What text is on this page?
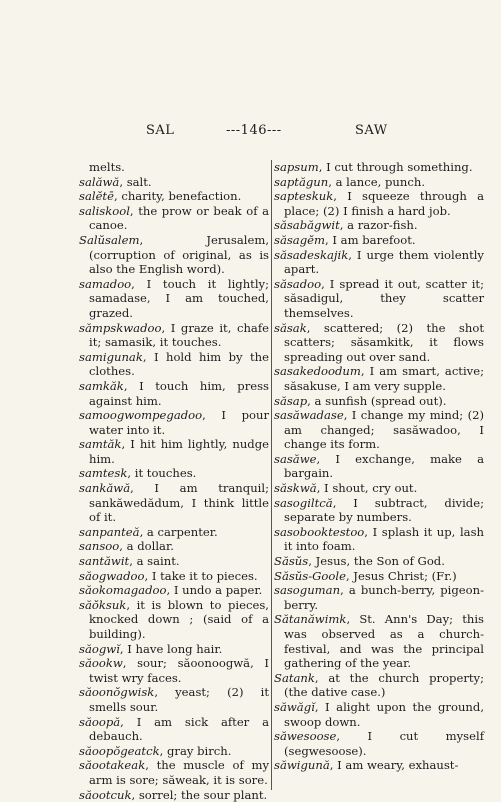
SAL	---146---	SAW

melts.

salăwă, salt.

salĕtē, charity, benefaction.

saliskool, the prow or beak of a canoe.

Salŭsalem, Jerusalem, (corruption of original, as is also the English word).

samadoo, I touch it lightly; samadase, I am touched, grazed.

sămpskwadoo, I graze it, chafe it; samasik, it touches.

samigunak, I hold him by the clothes.

samkăk, I touch him, press against him.

samoogwompegadoo, I pour water into it.

samtăk, I hit him lightly, nudge him.

samtesk, it touches.

sankăwă, I am tranquil; sankăwedădum, I think little of it.

sanpanteă, a carpenter.

sansoo, a dollar.

santăwit, a saint.

săogwadoo, I take it to pieces.

săokomagadoo, I undo a paper.

săŏksuk, it is blown to pieces, knocked down ; (said of a building).

săogwĭ, I have long hair.

săookw, sour; săoonoogwă, I twist wry faces.

săoonŏgwisk, yeast; (2) it smells sour.

săoopă, I am sick after a debauch.

săoopŏgeatck, gray birch.

săootakeak, the muscle of my arm is sore; săweak, it is sore.

săootcuk, sorrel; the sour plant.

sapsum, I cut through something.

saptăgun, a lance, punch.

sapteskuk, I squeeze through a place; (2) I finish a hard job.

săsabăgwit, a razor-fish.

săsagĕm, I am barefoot.

săsadeskajik, I urge them violently apart.

săsadoo, I spread it out, scatter it; săsadigul, they scatter themselves.

săsak, scattered; (2) the shot scatters; săsamkitk, it flows spreading out over sand.

sasakedoodum, I am smart, active; săsakuse, I am very supple.

săsap, a sunfish (spread out).

sasăwadase, I change my mind; (2) am changed; sasăwadoo, I change its form.

sasăwe, I exchange, make a bargain.

săskwă, I shout, cry out.

sasogiltcă, I subtract, divide; separate by numbers.

sasobooktestoo, I splash it up, lash it into foam.

Săsŭs, Jesus, the Son of God.

Săsŭs-Goole, Jesus Christ; (Fr.)

sasoguman, a bunch-berry, pigeon-berry.

Sătanăwimk, St. Ann's Day; this was observed as a church-festival, and was the principal gathering of the year.

Satank, at the church property; (the dative case.)

săwăgĭ, I alight upon the ground, swoop down.

săwesoose, I cut myself (segwesoose).

săwigună, I am weary, exhaust-
